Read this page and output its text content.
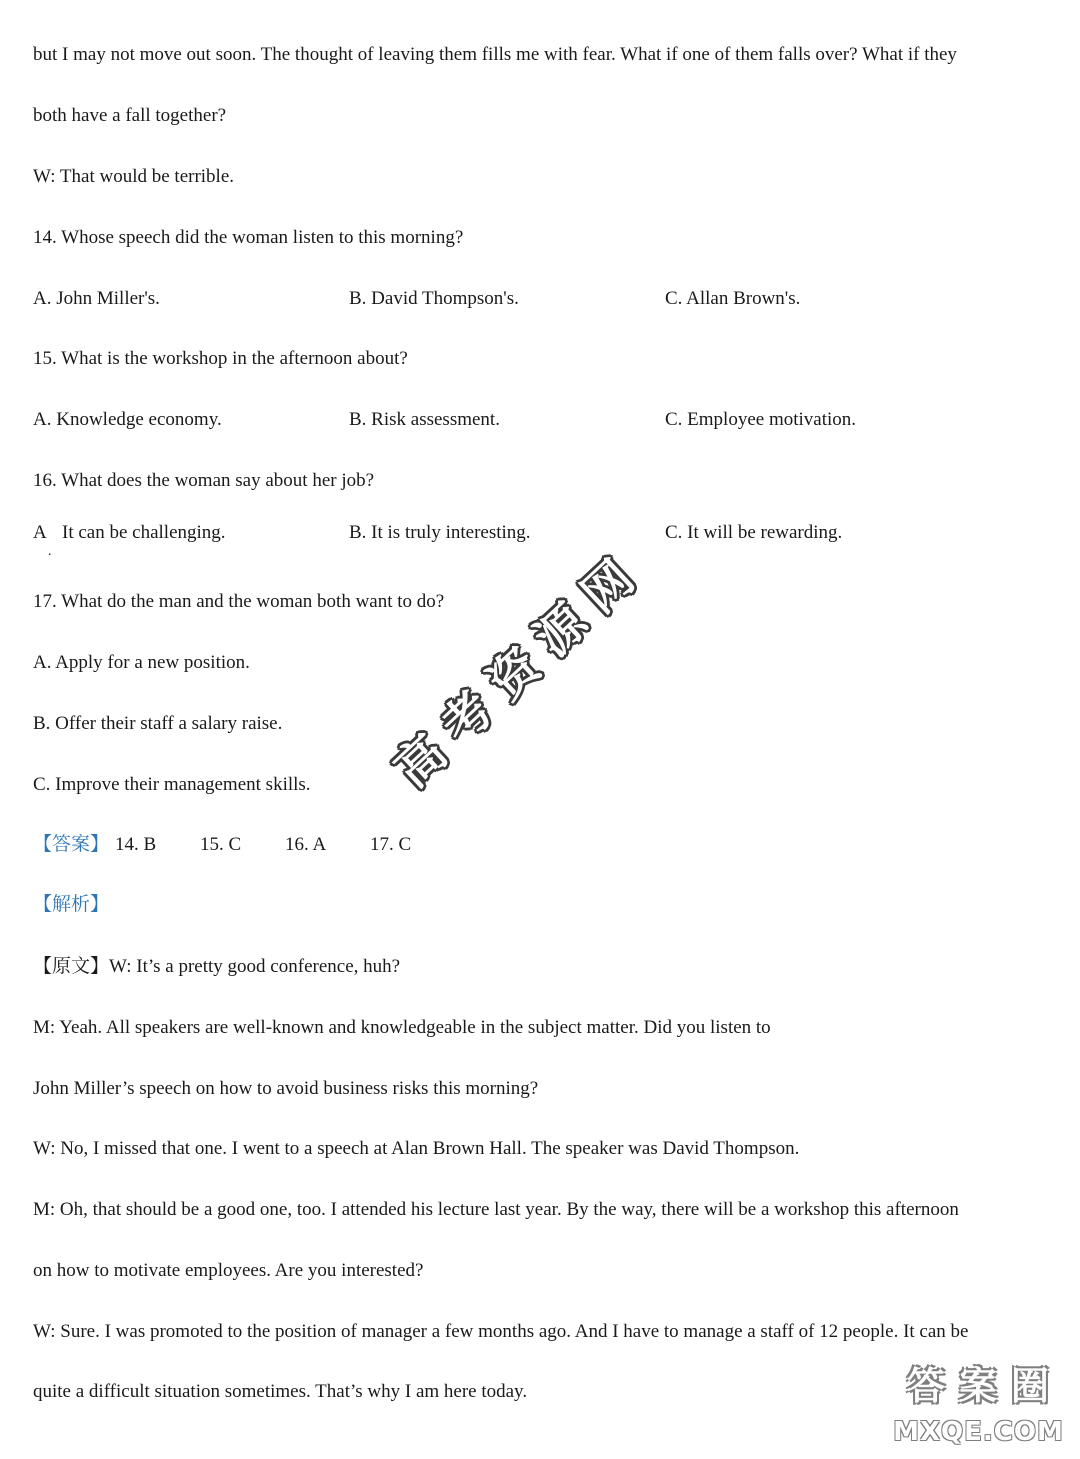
but I may not move out soon. The thought of leaving them fills me with fear. What if one of them falls over? What if they
both have a fall together?
W: That would be terrible.
14. Whose speech did the woman listen to this morning?
A. John Miller's.	B. David Thompson's.	C. Allan Brown's.
15. What is the workshop in the afternoon about?
A. Knowledge economy.	B. Risk assessment.	C. Employee motivation.
16. What does the woman say about her job?
A
.
It can be challenging.	B. It is truly interesting.	C. It will be rewarding.
17. What do the man and the woman both want to do?
A. Apply for a new position.
B. Offer their staff a salary raise.
C. Improve their management skills.
【答案】 14. B 15. C 16. A 17. C
【解析】
【原文】W: It’s a pretty good conference, huh?
M: Yeah. All speakers are well-known and knowledgeable in the subject matter. Did you listen to
John Miller’s speech on how to avoid business risks this morning?
W: No, I missed that one. I went to a speech at Alan Brown Hall. The speaker was David Thompson.
M: Oh, that should be a good one, too. I attended his lecture last year. By the way, there will be a workshop this afternoon
on how to motivate employees. Are you interested?
W: Sure. I was promoted to the position of manager a few months ago. And I have to manage a staff of 12 people. It can be
quite a difficult situation sometimes. That’s why I am here today.
高
考
资
源
网
答 案 圈
MXQE.COM
